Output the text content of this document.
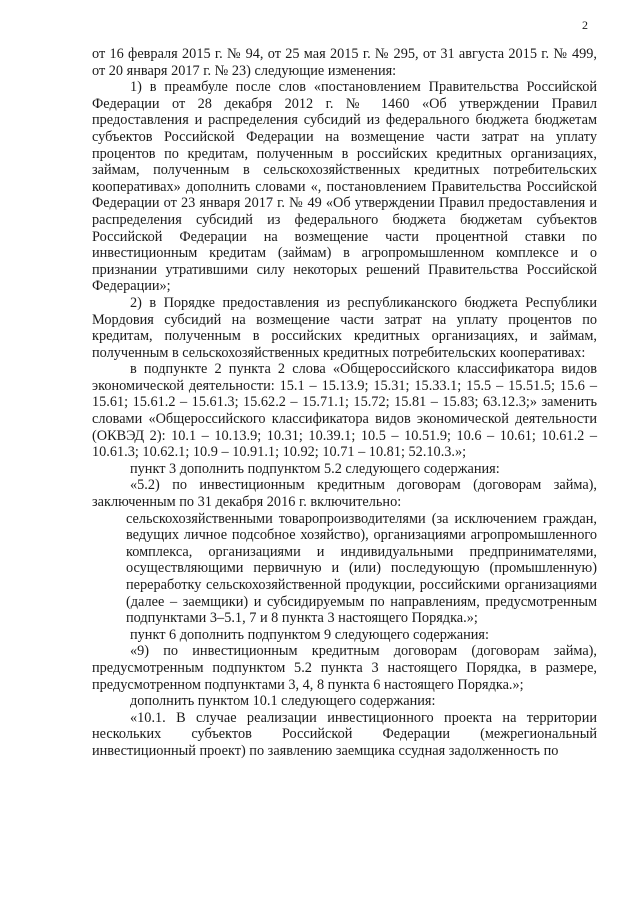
2

от 16 февраля 2015 г. № 94, от 25 мая 2015 г. № 295, от 31 августа 2015 г. № 499, от 20 января 2017 г. № 23) следующие изменения:

1) в преамбуле после слов «постановлением Правительства Российской Федерации от 28 декабря 2012 г. № 1460 «Об утверждении Правил предоставления и распределения субсидий из федерального бюджета бюджетам субъектов Российской Федерации на возмещение части затрат на уплату процентов по кредитам, полученным в российских кредитных организациях, займам, полученным в сельскохозяйственных кредитных потребительских кооперативах» дополнить словами «, постановлением Правительства Российской Федерации от 23 января 2017 г. № 49 «Об утверждении Правил предоставления и распределения субсидий из федерального бюджета бюджетам субъектов Российской Федерации на возмещение части процентной ставки по инвестиционным кредитам (займам) в агропромышленном комплексе и о признании утратившими силу некоторых решений Правительства Российской Федерации»;

2) в Порядке предоставления из республиканского бюджета Республики Мордовия субсидий на возмещение части затрат на уплату процентов по кредитам, полученным в российских кредитных организациях, и займам, полученным в сельскохозяйственных кредитных потребительских кооперативах:

в подпункте 2 пункта 2 слова «Общероссийского классификатора видов экономической деятельности: 15.1 – 15.13.9; 15.31; 15.33.1; 15.5 – 15.51.5; 15.6 – 15.61; 15.61.2 – 15.61.3; 15.62.2 – 15.71.1; 15.72; 15.81 – 15.83; 63.12.3;» заменить словами «Общероссийского классификатора видов экономической деятельности (ОКВЭД 2): 10.1 – 10.13.9; 10.31; 10.39.1; 10.5 – 10.51.9; 10.6 – 10.61; 10.61.2 – 10.61.3; 10.62.1; 10.9 – 10.91.1; 10.92; 10.71 – 10.81; 52.10.3.»;

пункт 3 дополнить подпунктом 5.2 следующего содержания:

«5.2) по инвестиционным кредитным договорам (договорам займа), заключенным по 31 декабря 2016 г. включительно:

сельскохозяйственными товаропроизводителями (за исключением граждан, ведущих личное подсобное хозяйство), организациями агропромышленного комплекса, организациями и индивидуальными предпринимателями, осуществляющими первичную и (или) последующую (промышленную) переработку сельскохозяйственной продукции, российскими организациями (далее – заемщики) и субсидируемым по направлениям, предусмотренным подпунктами 3–5.1, 7 и 8 пункта 3 настоящего Порядка.»;

пункт 6 дополнить подпунктом 9 следующего содержания:

«9) по инвестиционным кредитным договорам (договорам займа), предусмотренным подпунктом 5.2 пункта 3 настоящего Порядка, в размере, предусмотренном подпунктами 3, 4, 8 пункта 6 настоящего Порядка.»;

дополнить пунктом 10.1 следующего содержания:

«10.1. В случае реализации инвестиционного проекта на территории нескольких субъектов Российской Федерации (межрегиональный инвестиционный проект) по заявлению заемщика ссудная задолженность по
